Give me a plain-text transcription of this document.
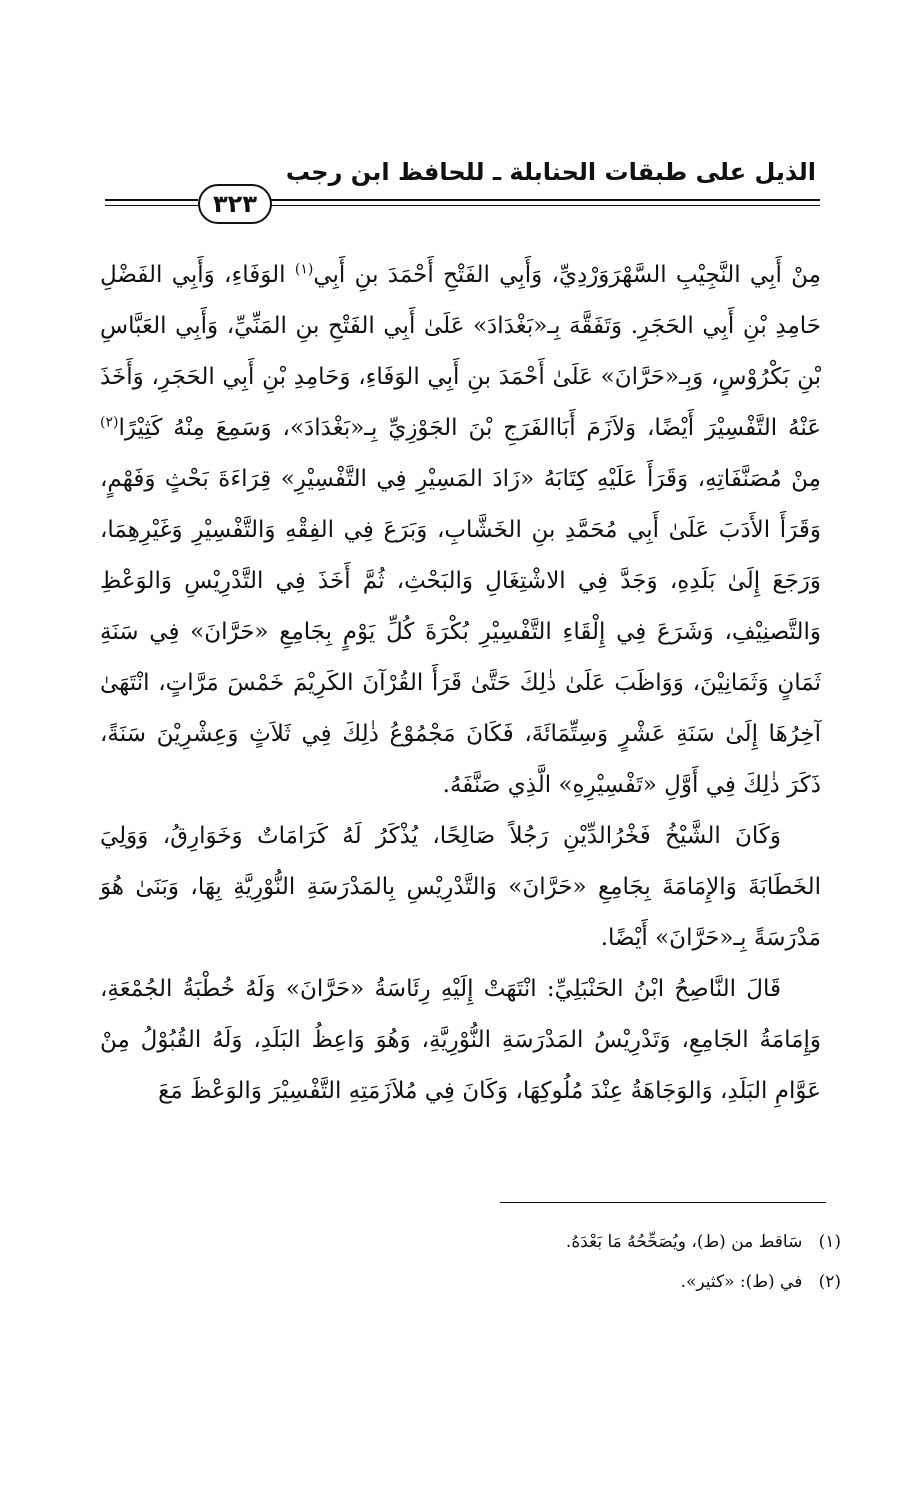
الذيل على طبقات الحنابلة ـ للحافظ ابن رجب
٣٢٣

مِنْ أَبِي النَّجِيْبِ السَّهْرَوَرْدِيِّ، وَأَبِي الفَتْحِ أَحْمَدَ بنِ أَبِي$^{(١)}$ الوَفَاءِ، وَأَبِي الفَضْلِ حَامِدِ بْنِ أَبِي الحَجَرِ. وَتَفَقَّهَ بِـ«بَغْدَادَ» عَلَىٰ أَبِي الفَتْحِ بنِ المَنِّيِّ، وَأَبِي العَبَّاسِ بْنِ بَكْرُوْسٍ، وَبِـ«حَرَّانَ» عَلَىٰ أَحْمَدَ بنِ أَبِي الوَفَاءِ، وَحَامِدِ بْنِ أَبِي الحَجَرِ، وَأَخَذَ عَنْهُ التَّفْسِيْرَ أَيْضًا، وَلاَزَمَ أَبَاالفَرَجِ بْنَ الجَوْزِيِّ بِـ«بَغْدَادَ»، وَسَمِعَ مِنْهُ كَثِيْرًا$^{(٢)}$ مِنْ مُصَنَّفَاتِهِ، وَقَرَأَ عَلَيْهِ كِتَابَهُ «زَادَ المَسِيْرِ فِي التَّفْسِيْرِ» قِرَاءَةَ بَحْثٍ وَفَهْمٍ، وَقَرَأَ الأَدَبَ عَلَىٰ أَبِي مُحَمَّدِ بنِ الخَشَّابِ، وَبَرَعَ فِي الفِقْهِ وَالتَّفْسِيْرِ وَغَيْرِهِمَا، وَرَجَعَ إِلَىٰ بَلَدِهِ، وَجَدَّ فِي الاشْتِغَالِ وَالبَحْثِ، ثُمَّ أَخَذَ فِي التَّدْرِيْسِ وَالوَعْظِ وَالتَّصنِيْفِ، وَشَرَعَ فِي إِلْقَاءِ التَّفْسِيْرِ بُكْرَةَ كُلِّ يَوْمٍ بِجَامِعِ «حَرَّانَ» فِي سَنَةِ ثَمَانٍ وَثَمَانِيْنَ، وَوَاظَبَ عَلَىٰ ذٰلِكَ حَتَّىٰ قَرَأَ القُرْآنَ الكَرِيْمَ خَمْسَ مَرَّاتٍ، انْتَهَىٰ آخِرُهَا إِلَىٰ سَنَةِ عَشْرٍ وَسِتِّمَائَةَ، فَكَانَ مَجْمُوْعُ ذٰلِكَ فِي ثَلاَثٍ وَعِشْرِيْنَ سَنَةً، ذَكَرَ ذٰلِكَ فِي أَوَّلِ «تَفْسِيْرِهِ» الَّذِي صَنَّفَهُ.

وَكَانَ الشَّيْخُ فَخْرُالدِّيْنِ رَجُلاً صَالِحًا، يُذْكَرُ لَهُ كَرَامَاتٌ وَخَوَارِقُ، وَوَلِيَ الخَطَابَةَ وَالإِمَامَةَ بِجَامِعِ «حَرَّانَ» وَالتَّدْرِيْسِ بِالمَدْرَسَةِ النُّوْرِيَّةِ بِهَا، وَبَنَىٰ هُوَ مَدْرَسَةً بِـ«حَرَّانَ» أَيْضًا.

قَالَ النَّاصِحُ ابْنُ الحَنْبَلِيِّ: انْتَهَتْ إِلَيْهِ رِئَاسَةُ «حَرَّانَ» وَلَهُ خُطْبَةُ الجُمْعَةِ، وَإِمَامَةُ الجَامِعِ، وَتَدْرِيْسُ المَدْرَسَةِ النُّوْرِيَّةِ، وَهُوَ وَاعِظُ البَلَدِ، وَلَهُ القُبُوْلُ مِنْ عَوَّامِ البَلَدِ، وَالوَجَاهَةُ عِنْدَ مُلُوكِهَا، وَكَانَ فِي مُلاَزَمَتِهِ التَّفْسِيْرَ وَالوَعْظَ مَعَ

(١)   سَاقط من (ط)، ويُصَحِّحُهُ مَا بَعْدَهُ.
(٢)   في (ط): «كثير».
